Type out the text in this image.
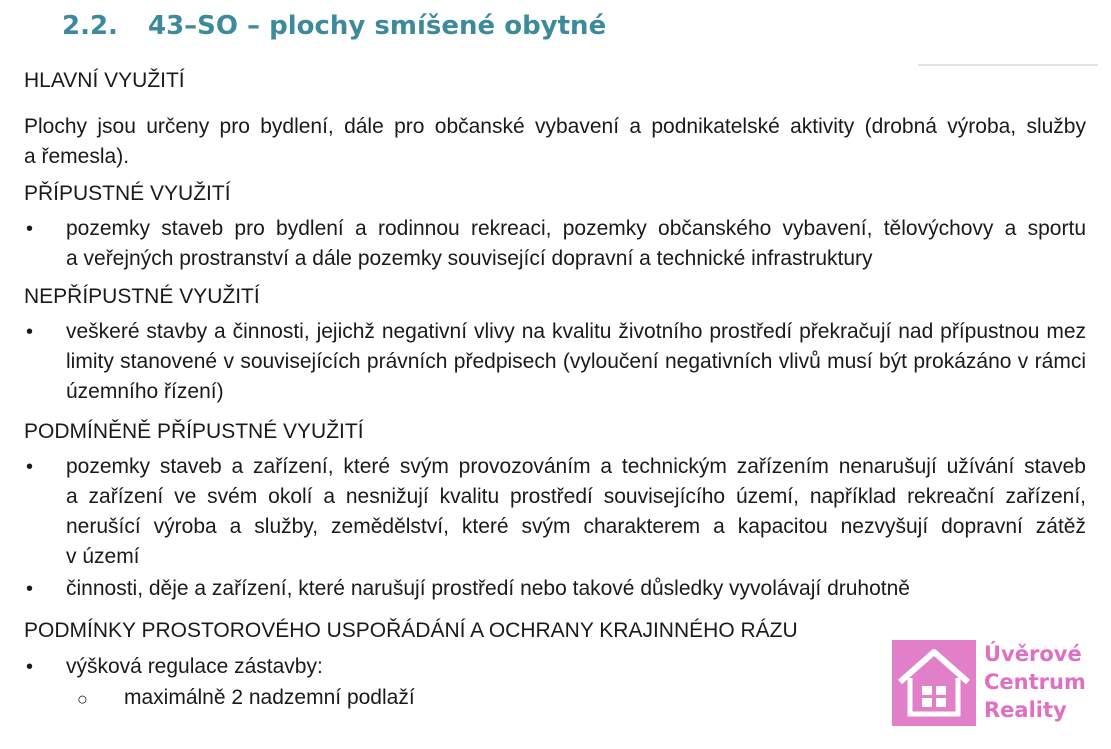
2.2. 43–SO – plochy smíšené obytné
HLAVNÍ VYUŽITÍ
Plochy jsou určeny pro bydlení, dále pro občanské vybavení a podnikatelské aktivity (drobná výroba, služby
a řemesla).
PŘÍPUSTNÉ VYUŽITÍ
• pozemky staveb pro bydlení a rodinnou rekreaci, pozemky občanského vybavení, tělovýchovy a sportu
a veřejných prostranství a dále pozemky související dopravní a technické infrastruktury
NEPŘÍPUSTNÉ VYUŽITÍ
• veškeré stavby a činnosti, jejichž negativní vlivy na kvalitu životního prostředí překračují nad přípustnou mez
limity stanovené v souvisejících právních předpisech (vyloučení negativních vlivů musí být prokázáno v rámci
územního řízení)
PODMÍNĚNĚ PŘÍPUSTNÉ VYUŽITÍ
• pozemky staveb a zařízení, které svým provozováním a technickým zařízením nenarušují užívání staveb
a zařízení ve svém okolí a nesnižují kvalitu prostředí souvisejícího území, například rekreační zařízení,
nerušící výroba a služby, zemědělství, které svým charakterem a kapacitou nezvyšují dopravní zátěž
v území
• činnosti, děje a zařízení, které narušují prostředí nebo takové důsledky vyvolávají druhotně
PODMÍNKY PROSTOROVÉHO USPOŘÁDÁNÍ A OCHRANY KRAJINNÉHO RÁZU
• výšková regulace zástavby:
○ maximálně 2 nadzemní podlaží
Úvěrové
Centrum
Reality
